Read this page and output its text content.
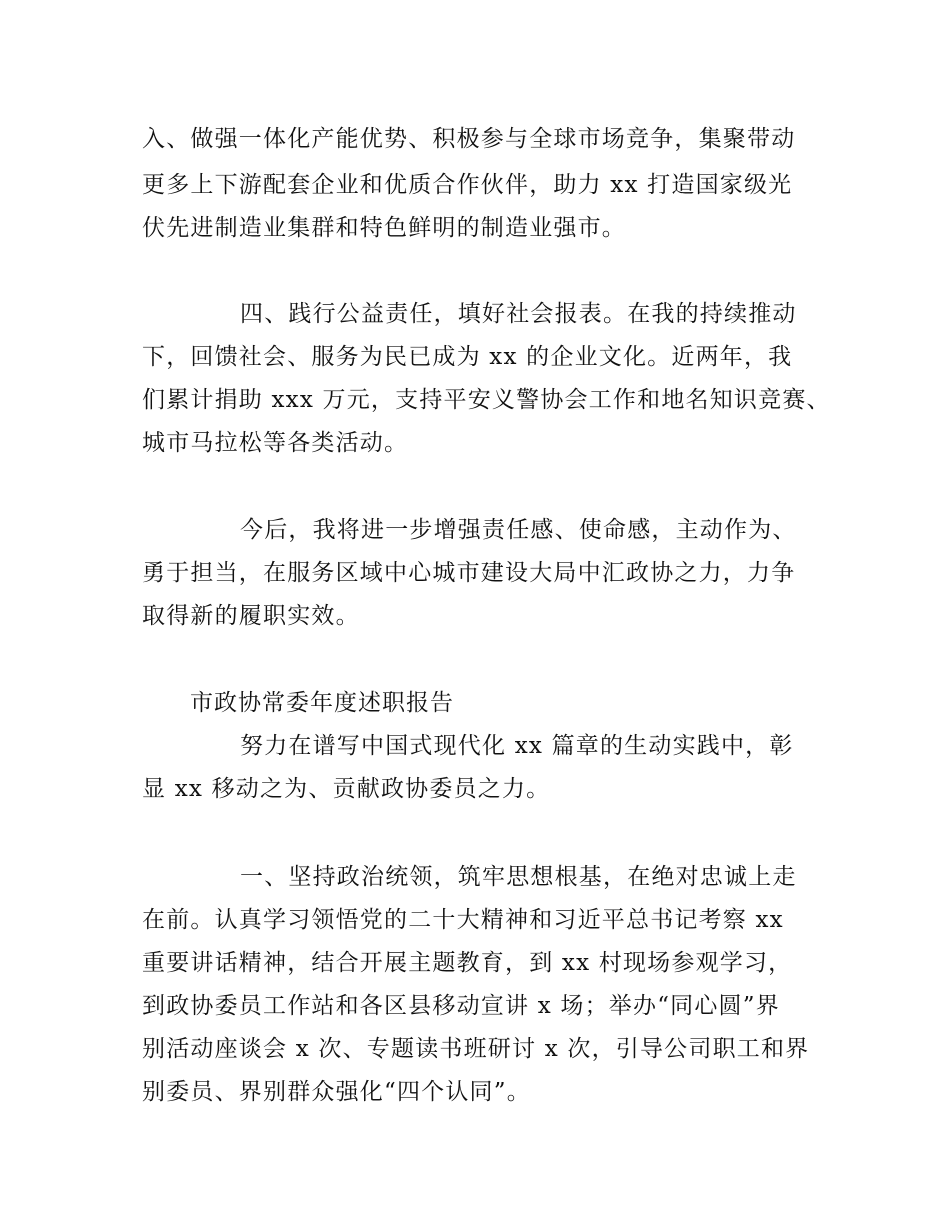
入、做强一体化产能优势、积极参与全球市场竞争，集聚带动
更多上下游配套企业和优质合作伙伴，助力 xx 打造国家级光
伏先进制造业集群和特色鲜明的制造业强市。
四、践行公益责任，填好社会报表。在我的持续推动
下，回馈社会、服务为民已成为 xx 的企业文化。近两年，我
们累计捐助 xxx 万元，支持平安义警协会工作和地名知识竞赛、
城市马拉松等各类活动。
今后，我将进一步增强责任感、使命感，主动作为、
勇于担当，在服务区域中心城市建设大局中汇政协之力，力争
取得新的履职实效。
市政协常委年度述职报告
努力在谱写中国式现代化 xx 篇章的生动实践中，彰
显 xx 移动之为、贡献政协委员之力。
一、坚持政治统领，筑牢思想根基，在绝对忠诚上走
在前。认真学习领悟党的二十大精神和习近平总书记考察 xx
重要讲话精神，结合开展主题教育，到 xx 村现场参观学习，
到政协委员工作站和各区县移动宣讲 x 场；举办“同心圆”界
别活动座谈会 x 次、专题读书班研讨 x 次，引导公司职工和界
别委员、界别群众强化“四个认同”。
